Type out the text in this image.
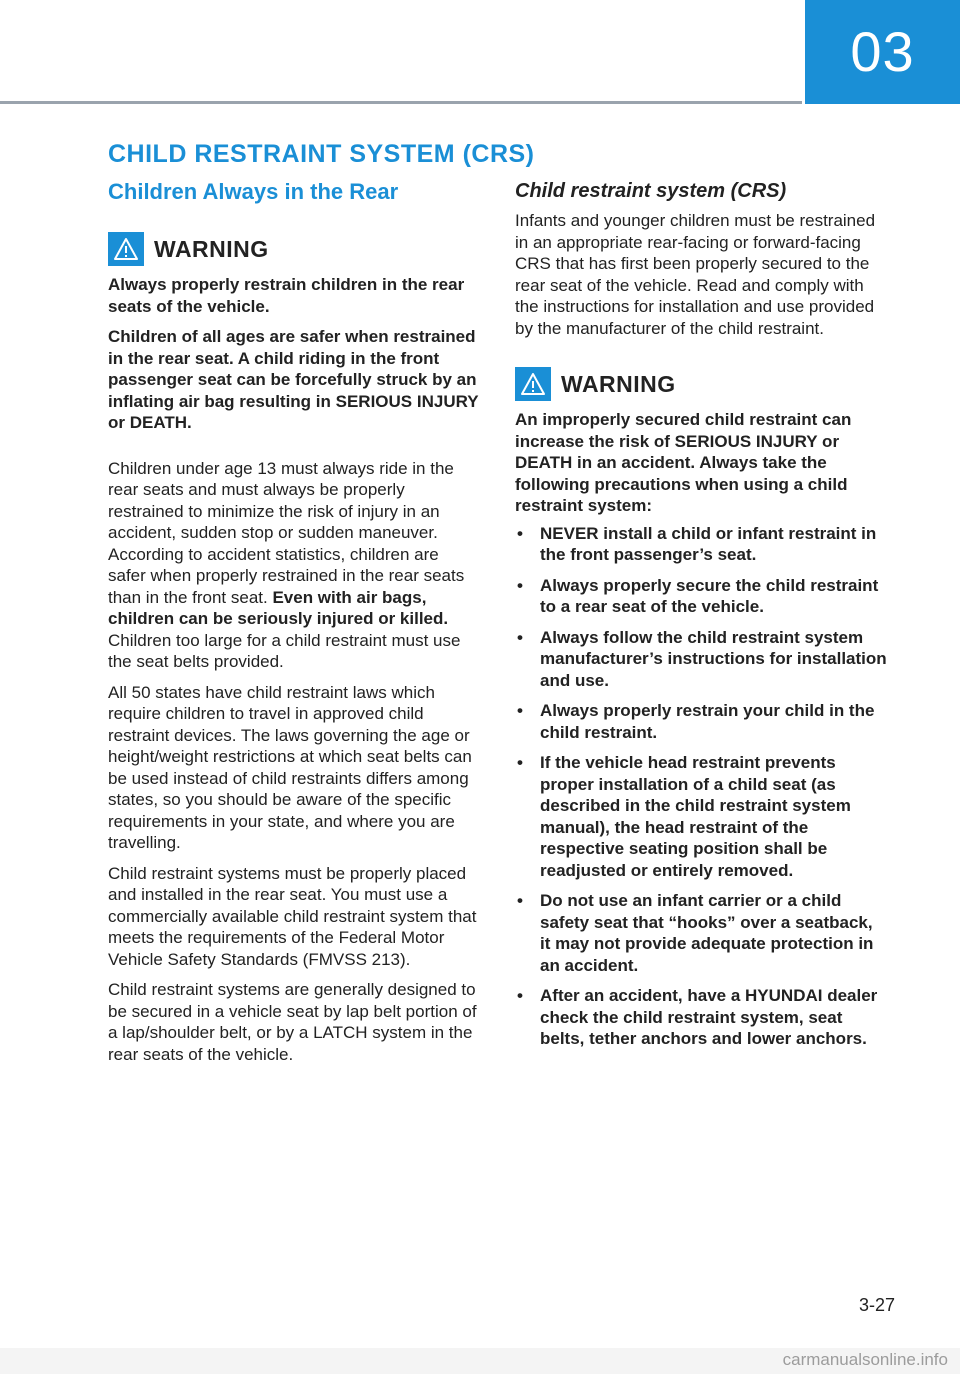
03
CHILD RESTRAINT SYSTEM (CRS)
Children Always in the Rear
WARNING

Always properly restrain children in the rear seats of the vehicle.

Children of all ages are safer when restrained in the rear seat. A child riding in the front passenger seat can be forcefully struck by an inflating air bag resulting in SERIOUS INJURY or DEATH.

Children under age 13 must always ride in the rear seats and must always be properly restrained to minimize the risk of injury in an accident, sudden stop or sudden maneuver. According to accident statistics, children are safer when properly restrained in the rear seats than in the front seat. Even with air bags, children can be seriously injured or killed. Children too large for a child restraint must use the seat belts provided.

All 50 states have child restraint laws which require children to travel in approved child restraint devices. The laws governing the age or height/weight restrictions at which seat belts can be used instead of child restraints differs among states, so you should be aware of the specific requirements in your state, and where you are travelling.

Child restraint systems must be properly placed and installed in the rear seat. You must use a commercially available child restraint system that meets the requirements of the Federal Motor Vehicle Safety Standards (FMVSS 213).

Child restraint systems are generally designed to be secured in a vehicle seat by lap belt portion of a lap/shoulder belt, or by a LATCH system in the rear seats of the vehicle.

Child restraint system (CRS)

Infants and younger children must be restrained in an appropriate rear-facing or forward-facing CRS that has first been properly secured to the rear seat of the vehicle. Read and comply with the instructions for installation and use provided by the manufacturer of the child restraint.

WARNING

An improperly secured child restraint can increase the risk of SERIOUS INJURY or DEATH in an accident. Always take the following precautions when using a child restraint system:

• NEVER install a child or infant restraint in the front passenger’s seat.
• Always properly secure the child restraint to a rear seat of the vehicle.
• Always follow the child restraint system manufacturer’s instructions for installation and use.
• Always properly restrain your child in the child restraint.
• If the vehicle head restraint prevents proper installation of a child seat (as described in the child restraint system manual), the head restraint of the respective seating position shall be readjusted or entirely removed.
• Do not use an infant carrier or a child safety seat that “hooks” over a seatback, it may not provide adequate protection in an accident.
• After an accident, have a HYUNDAI dealer check the child restraint system, seat belts, tether anchors and lower anchors.
3-27
carmanualsonline.info
